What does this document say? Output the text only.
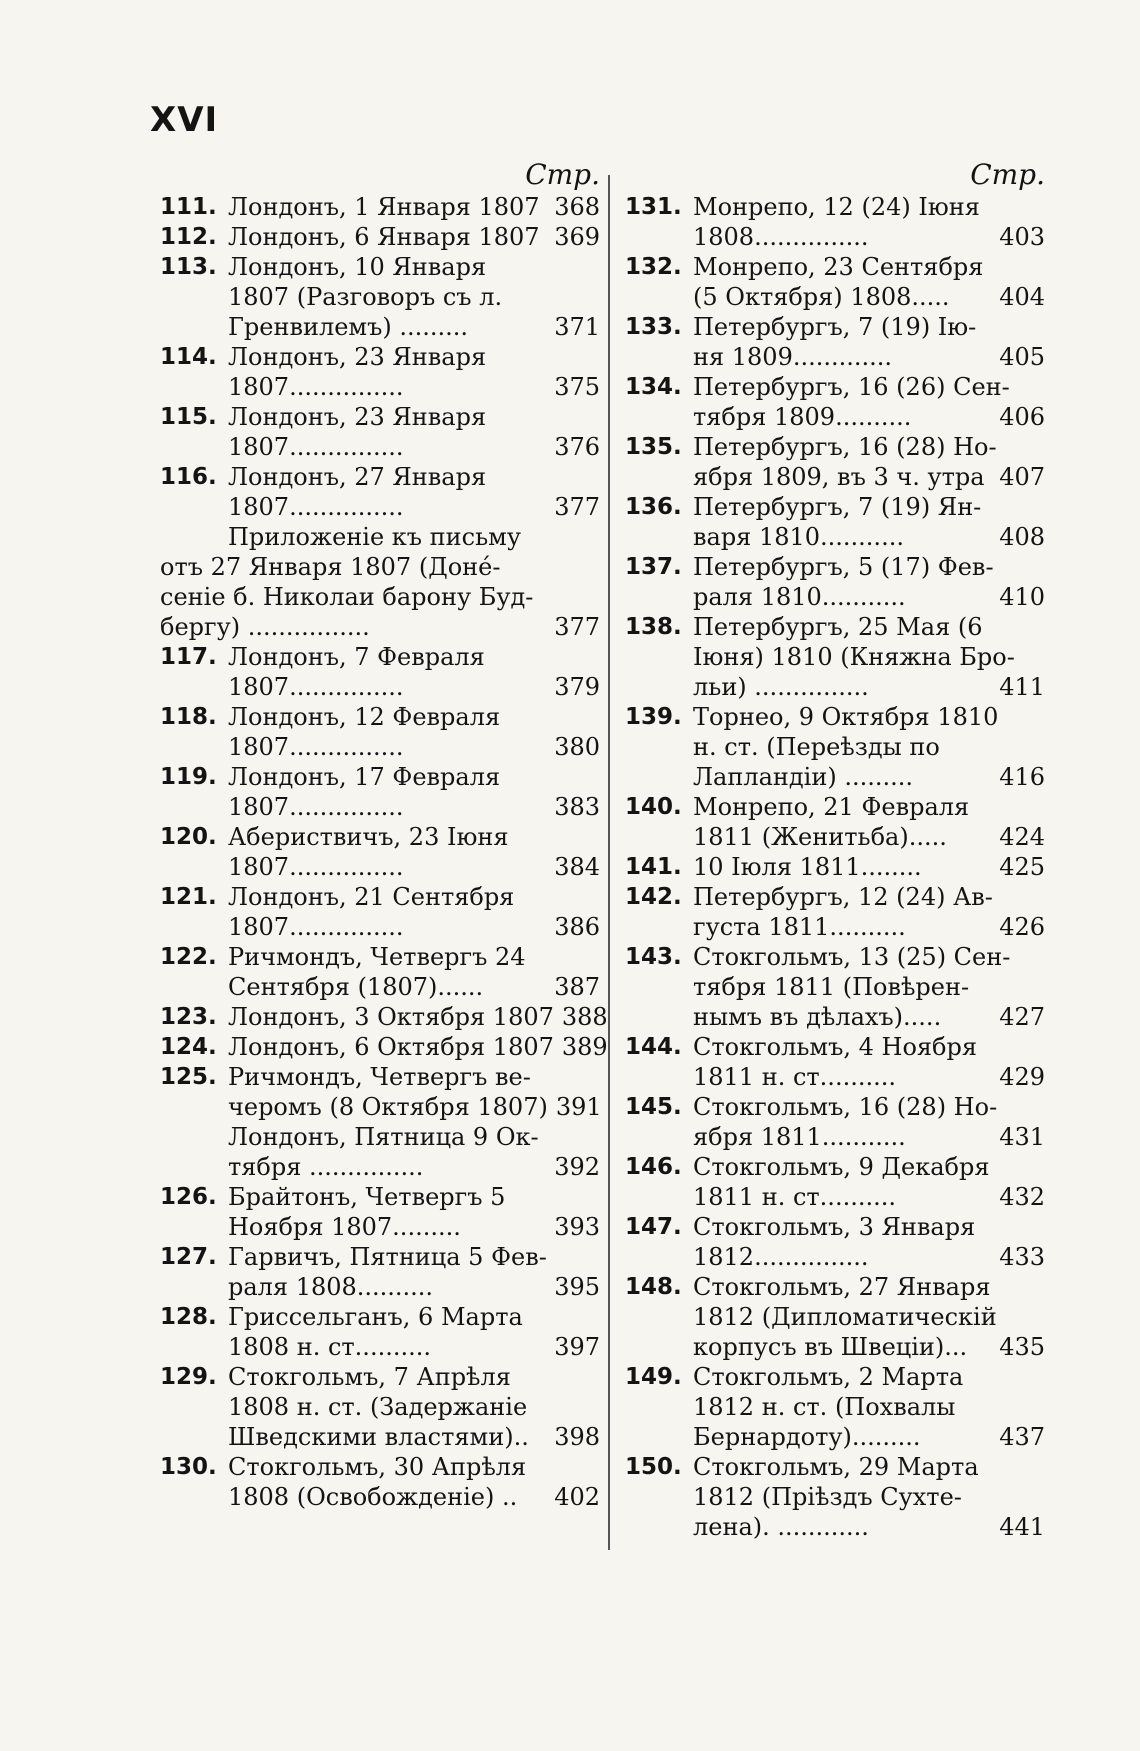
XVI
Стр.
111. Лондонъ, 1 Января 1807 368
112. Лондонъ, 6 Января 1807 369
113. Лондонъ, 10 Января
1807 (Разговоръ съ л.
Гренвилемъ) .........	371
114. Лондонъ, 23 Января
1807...............	375
115. Лондонъ, 23 Января
1807...............	376
116. Лондонъ, 27 Января
1807...............	377
Приложеніе къ письму
отъ 27 Января 1807 (Донé-
сеніе б. Николаи барону Буд-
бергу) ................	377
117. Лондонъ, 7 Февраля
1807...............	379
118. Лондонъ, 12 Февраля
1807...............	380
119. Лондонъ, 17 Февраля
1807...............	383
120. Абериствичъ, 23 Іюня
1807...............	384
121. Лондонъ, 21 Сентября
1807...............	386
122. Ричмондъ, Четвергъ 24
Сентября (1807)......	387
123. Лондонъ, 3 Октября 1807 388
124. Лондонъ, 6 Октября 1807 389
125. Ричмондъ, Четвергъ ве-
черомъ (8 Октября 1807) 391
Лондонъ, Пятница 9 Ок-
тября ...............	392
126. Брайтонъ, Четвергъ 5
Ноября 1807.........	393
127. Гарвичъ, Пятница 5 Фев-
раля 1808..........	395
128. Гриссельганъ, 6 Марта
1808 н. ст..........	397
129. Стокгольмъ, 7 Апрѣля
1808 н. ст. (Задержаніе
Шведскими властями)..	398
130. Стокгольмъ, 30 Апрѣля
1808 (Освобожденіе) ..	402
Стр.
131. Монрепо, 12 (24) Іюня
1808...............	403
132. Монрепо, 23 Сентября
(5 Октября) 1808.....	404
133. Петербургъ, 7 (19) Ію-
ня 1809.............	405
134. Петербургъ, 16 (26) Сен-
тября 1809..........	406
135. Петербургъ, 16 (28) Но-
ября 1809, въ 3 ч. утра 407
136. Петербургъ, 7 (19) Ян-
варя 1810...........	408
137. Петербургъ, 5 (17) Фев-
раля 1810...........	410
138. Петербургъ, 25 Мая (6
Іюня) 1810 (Княжна Бро-
льи) ...............	411
139. Торнео, 9 Октября 1810
н. ст. (Переѣзды по
Лапландіи) .........	416
140. Монрепо, 21 Февраля
1811 (Женитьба).....	424
141. 10 Іюля 1811........	425
142. Петербургъ, 12 (24) Ав-
густа 1811..........	426
143. Стокгольмъ, 13 (25) Сен-
тября 1811 (Повѣрен-
нымъ въ дѣлахъ).....	427
144. Стокгольмъ, 4 Ноября
1811 н. ст..........	429
145. Стокгольмъ, 16 (28) Но-
ября 1811...........	431
146. Стокгольмъ, 9 Декабря
1811 н. ст..........	432
147. Стокгольмъ, 3 Января
1812...............	433
148. Стокгольмъ, 27 Января
1812 (Дипломатическій
корпусъ въ Швеціи)...	435
149. Стокгольмъ, 2 Марта
1812 н. ст. (Похвалы
Бернардоту).........	437
150. Стокгольмъ, 29 Марта
1812 (Пріѣздъ Сухте-
лена). ............	441
